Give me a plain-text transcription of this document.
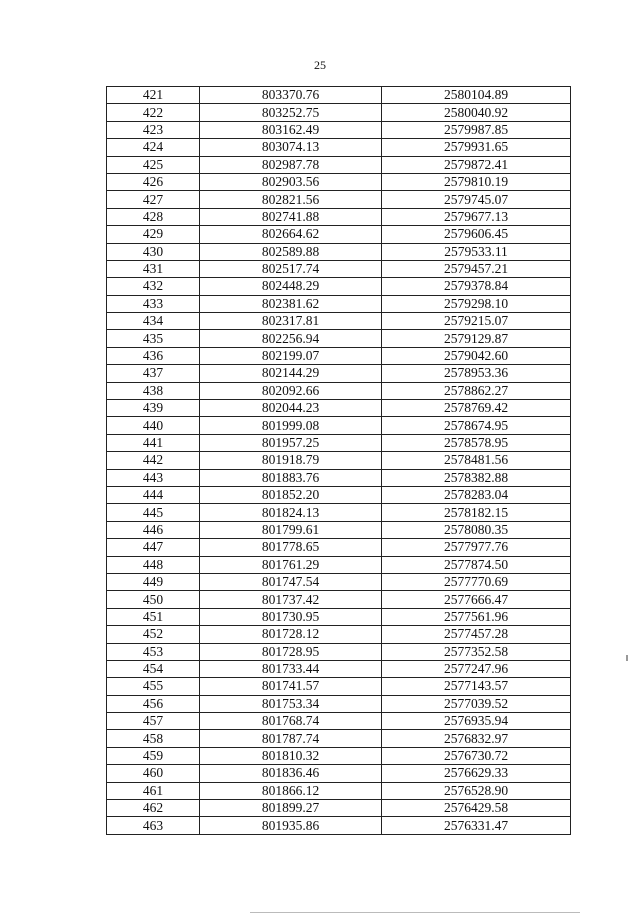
25
421	803370.76	2580104.89
422	803252.75	2580040.92
423	803162.49	2579987.85
424	803074.13	2579931.65
425	802987.78	2579872.41
426	802903.56	2579810.19
427	802821.56	2579745.07
428	802741.88	2579677.13
429	802664.62	2579606.45
430	802589.88	2579533.11
431	802517.74	2579457.21
432	802448.29	2579378.84
433	802381.62	2579298.10
434	802317.81	2579215.07
435	802256.94	2579129.87
436	802199.07	2579042.60
437	802144.29	2578953.36
438	802092.66	2578862.27
439	802044.23	2578769.42
440	801999.08	2578674.95
441	801957.25	2578578.95
442	801918.79	2578481.56
443	801883.76	2578382.88
444	801852.20	2578283.04
445	801824.13	2578182.15
446	801799.61	2578080.35
447	801778.65	2577977.76
448	801761.29	2577874.50
449	801747.54	2577770.69
450	801737.42	2577666.47
451	801730.95	2577561.96
452	801728.12	2577457.28
453	801728.95	2577352.58
454	801733.44	2577247.96
455	801741.57	2577143.57
456	801753.34	2577039.52
457	801768.74	2576935.94
458	801787.74	2576832.97
459	801810.32	2576730.72
460	801836.46	2576629.33
461	801866.12	2576528.90
462	801899.27	2576429.58
463	801935.86	2576331.47
